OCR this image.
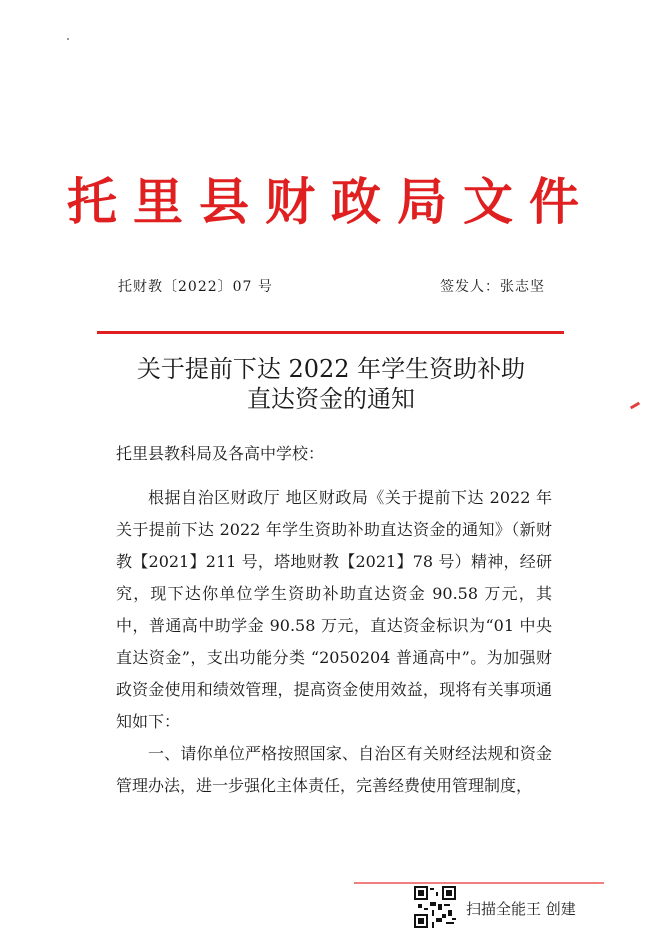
托里县财政局文件
托财教〔2022〕07 号	签发人：张志坚
关于提前下达 2022 年学生资助补助
直达资金的通知
托里县教科局及各高中学校：

根据自治区财政厅 地区财政局《关于提前下达 2022 年关于提前下达 2022 年学生资助补助直达资金的通知》（新财教【2021】211 号，塔地财教【2021】78 号）精神，经研究，现下达你单位学生资助补助直达资金 90.58 万元，其中，普通高中助学金 90.58 万元，直达资金标识为“01 中央直达资金”，支出功能分类 “2050204 普通高中”。为加强财政资金使用和绩效管理，提高资金使用效益，现将有关事项通知如下：

一、请你单位严格按照国家、自治区有关财经法规和资金管理办法，进一步强化主体责任，完善经费使用管理制度，

扫描全能王 创建
